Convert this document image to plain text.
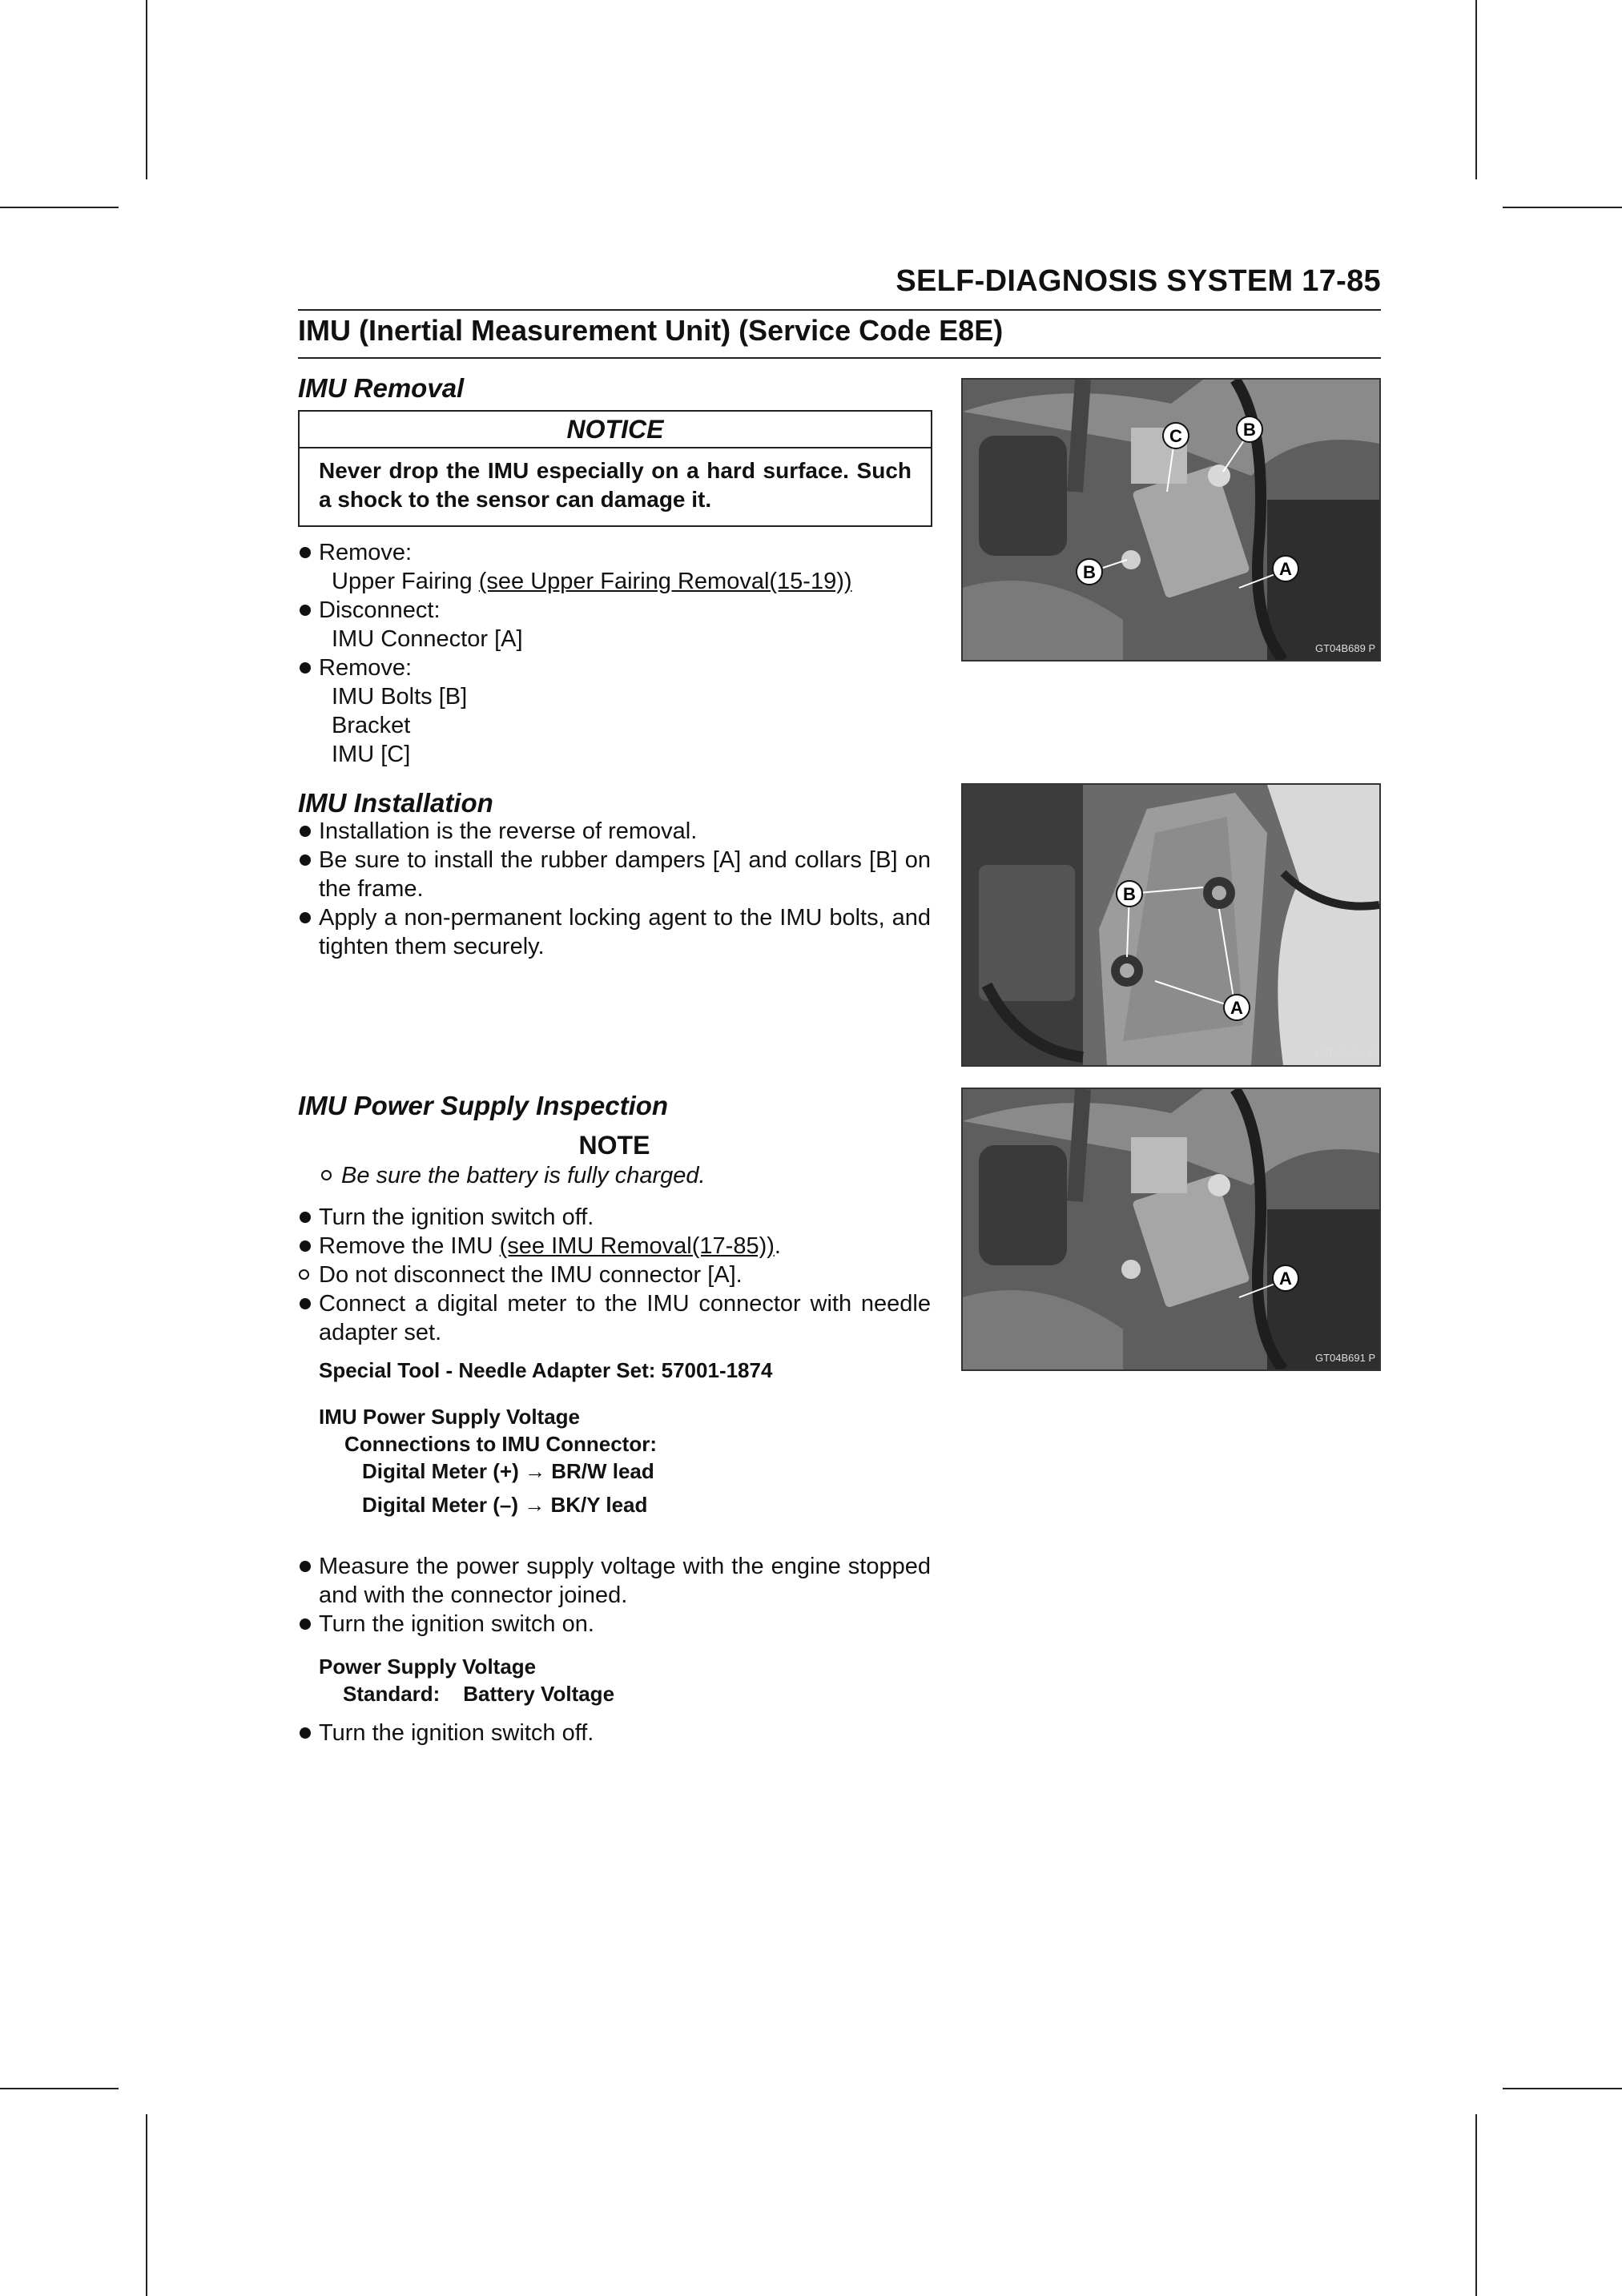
SELF-DIAGNOSIS SYSTEM 17-85
IMU (Inertial Measurement Unit) (Service Code E8E)
IMU Removal
NOTICE
Never drop the IMU especially on a hard surface. Such a shock to the sensor can damage it.
Remove:
Upper Fairing (see Upper Fairing Removal(15-19))
Disconnect:
IMU Connector [A]
Remove:
IMU Bolts [B]
Bracket
IMU [C]
C	B
B	A
GT04B689 P
IMU Installation
Installation is the reverse of removal.
Be sure to install the rubber dampers [A] and collars [B] on the frame.
Apply a non-permanent locking agent to the IMU bolts, and tighten them securely.
B
A
GT04B690 P
IMU Power Supply Inspection
NOTE
Be sure the battery is fully charged.
Turn the ignition switch off.
Remove the IMU (see IMU Removal(17-85)).
Do not disconnect the IMU connector [A].
Connect a digital meter to the IMU connector with needle adapter set.
Special Tool - Needle Adapter Set: 57001-1874
IMU Power Supply Voltage
Connections to IMU Connector:
Digital Meter (+) → BR/W lead
Digital Meter (–) → BK/Y lead
Measure the power supply voltage with the engine stopped and with the connector joined.
Turn the ignition switch on.
Power Supply Voltage
Standard:    Battery Voltage
Turn the ignition switch off.
A
GT04B691 P
